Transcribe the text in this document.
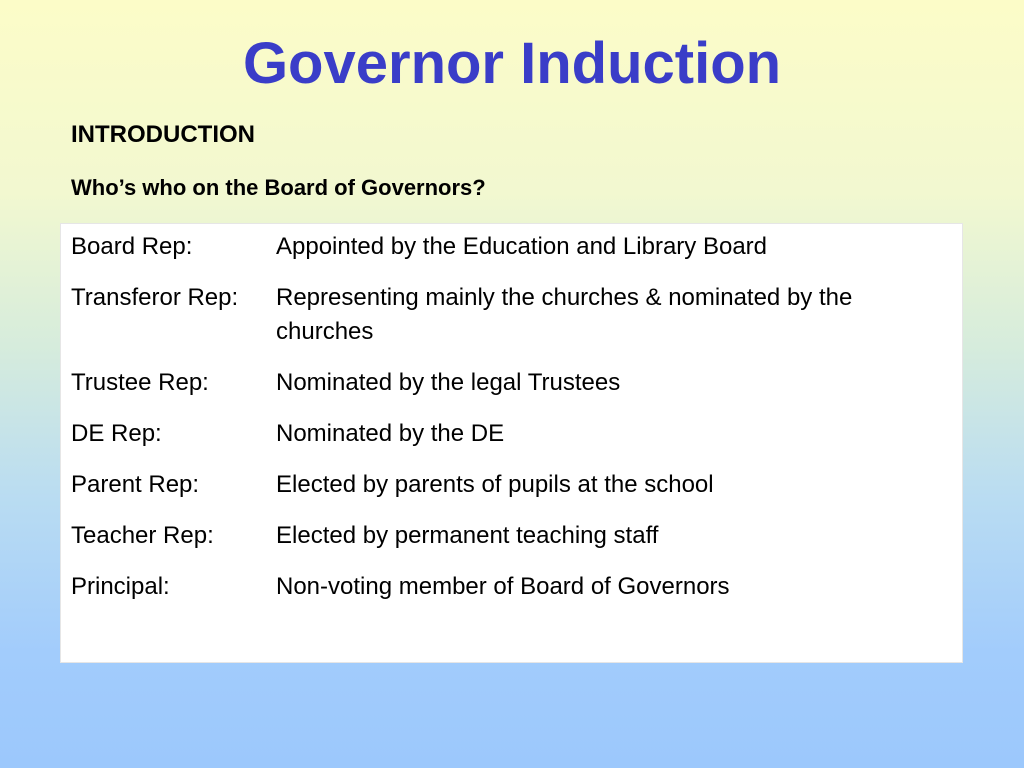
Governor Induction
INTRODUCTION
Who’s who on the Board of Governors?
Board Rep:	Appointed by the Education and Library Board
Transferor Rep:	Representing mainly the churches & nominated by the churches
Trustee Rep:	Nominated by the legal Trustees
DE Rep:	Nominated by the DE
Parent Rep:	Elected by parents of pupils at the school
Teacher Rep:	Elected by permanent teaching staff
Principal:	Non-voting member of Board of Governors
